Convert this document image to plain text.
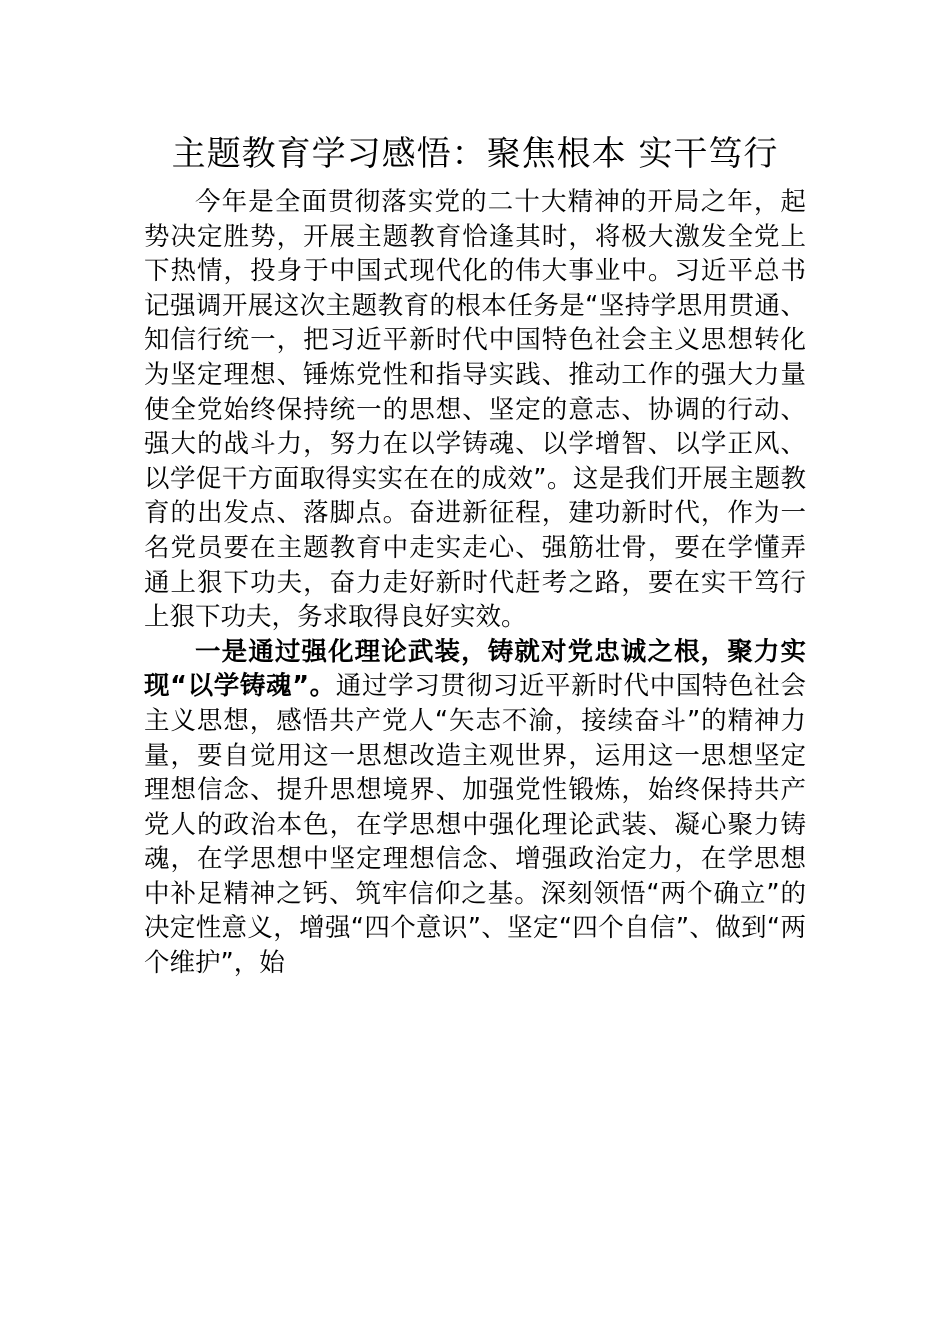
主题教育学习感悟：聚焦根本 实干笃行

今年是全面贯彻落实党的二十大精神的开局之年，起势决定胜势，开展主题教育恰逢其时，将极大激发全党上下热情，投身于中国式现代化的伟大事业中。习近平总书记强调开展这次主题教育的根本任务是“坚持学思用贯通、知信行统一，把习近平新时代中国特色社会主义思想转化为坚定理想、锤炼党性和指导实践、推动工作的强大力量使全党始终保持统一的思想、坚定的意志、协调的行动、强大的战斗力，努力在以学铸魂、以学增智、以学正风、以学促干方面取得实实在在的成效”。这是我们开展主题教育的出发点、落脚点。奋进新征程，建功新时代，作为一名党员要在主题教育中走实走心、强筋壮骨，要在学懂弄通上狠下功夫，奋力走好新时代赶考之路，要在实干笃行上狠下功夫，务求取得良好实效。

一是通过强化理论武装，铸就对党忠诚之根，聚力实现“以学铸魂”。通过学习贯彻习近平新时代中国特色社会主义思想，感悟共产党人“矢志不渝，接续奋斗”的精神力量，要自觉用这一思想改造主观世界，运用这一思想坚定理想信念、提升思想境界、加强党性锻炼，始终保持共产党人的政治本色，在学思想中强化理论武装、凝心聚力铸魂，在学思想中坚定理想信念、增强政治定力，在学思想中补足精神之钙、筑牢信仰之基。深刻领悟“两个确立”的决定性意义，增强“四个意识”、坚定“四个自信”、做到“两个维护”，始
